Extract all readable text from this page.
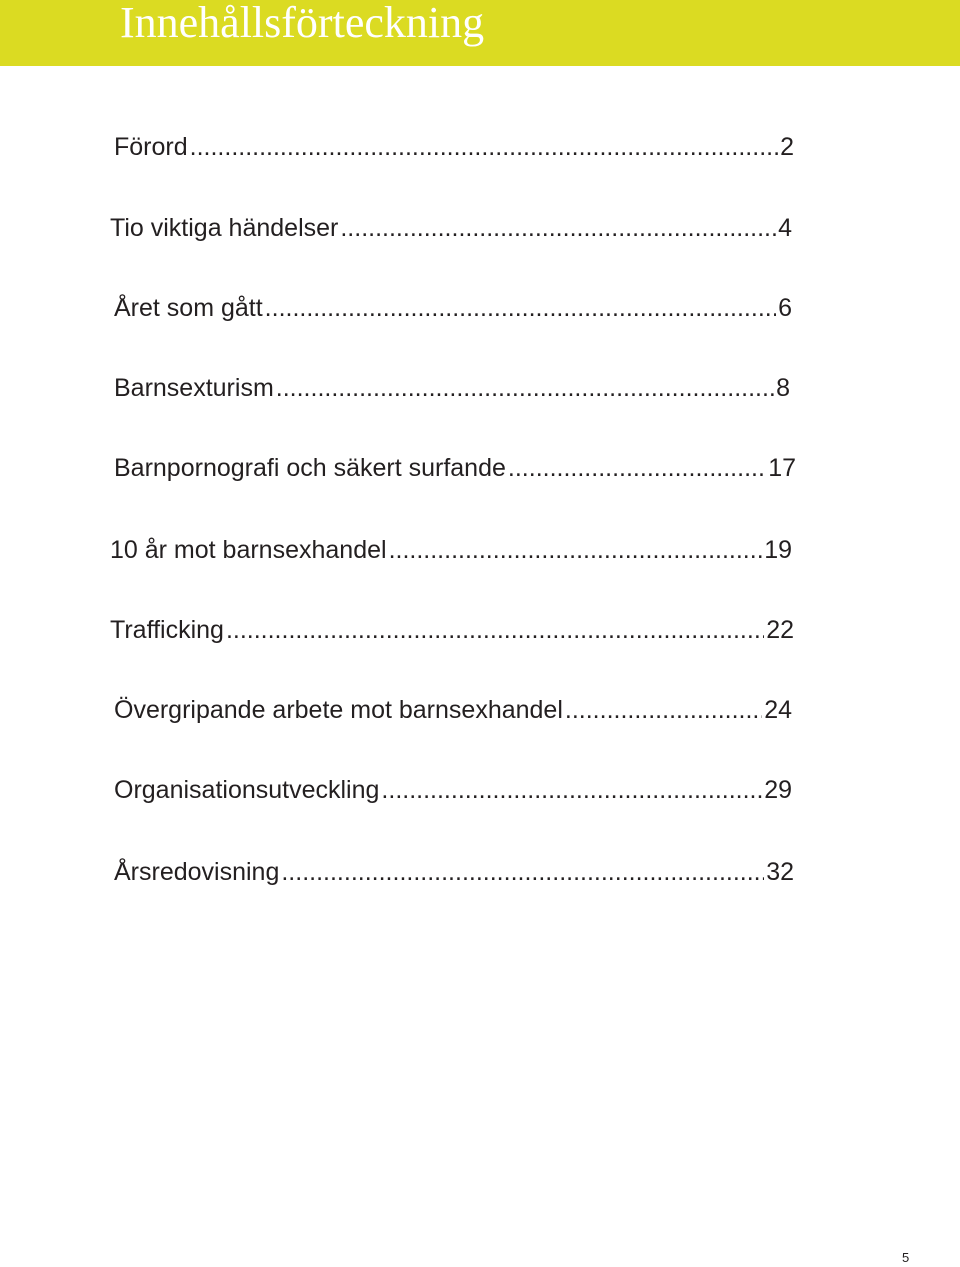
Innehållsförteckning
Förord .....	2
Tio viktiga händelser .....	4
Året som gått .....	6
Barnsexturism .....	8
Barnpornografi och säkert surfande .....	17
10 år mot barnsexhandel .....	19
Trafficking .....	22
Övergripande arbete mot barnsexhandel .....	24
Organisationsutveckling .....	29
Årsredovisning .....	32
5
